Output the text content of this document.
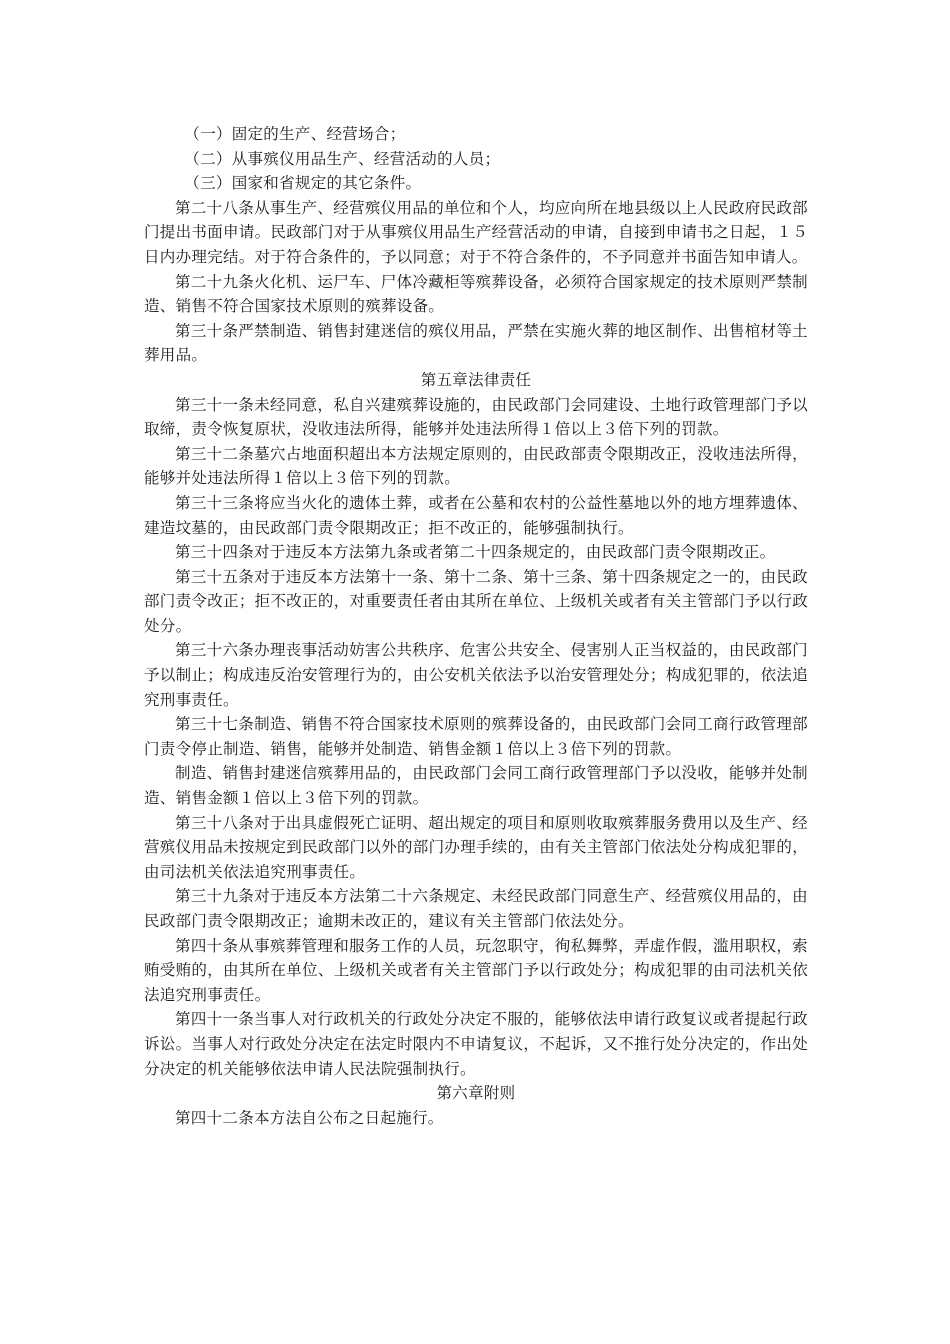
（一）固定的生产、经营场合；

（二）从事殡仪用品生产、经营活动的人员；

（三）国家和省规定的其它条件。

第二十八条从事生产、经营殡仪用品的单位和个人，均应向所在地县级以上人民政府民政部门提出书面申请。民政部门对于从事殡仪用品生产经营活动的申请，自接到申请书之日起，１５日内办理完结。对于符合条件的，予以同意；对于不符合条件的，不予同意并书面告知申请人。

第二十九条火化机、运尸车、尸体冷藏柜等殡葬设备，必须符合国家规定的技术原则严禁制造、销售不符合国家技术原则的殡葬设备。

第三十条严禁制造、销售封建迷信的殡仪用品，严禁在实施火葬的地区制作、出售棺材等土葬用品。

第五章法律责任

第三十一条未经同意，私自兴建殡葬设施的，由民政部门会同建设、土地行政管理部门予以取缔，责令恢复原状，没收违法所得，能够并处违法所得１倍以上３倍下列的罚款。

第三十二条墓穴占地面积超出本方法规定原则的，由民政部责令限期改正，没收违法所得，能够并处违法所得１倍以上３倍下列的罚款。

第三十三条将应当火化的遗体土葬，或者在公墓和农村的公益性墓地以外的地方埋葬遗体、建造坟墓的，由民政部门责令限期改正；拒不改正的，能够强制执行。

第三十四条对于违反本方法第九条或者第二十四条规定的，由民政部门责令限期改正。

第三十五条对于违反本方法第十一条、第十二条、第十三条、第十四条规定之一的，由民政部门责令改正；拒不改正的，对重要责任者由其所在单位、上级机关或者有关主管部门予以行政处分。

第三十六条办理丧事活动妨害公共秩序、危害公共安全、侵害别人正当权益的，由民政部门予以制止；构成违反治安管理行为的，由公安机关依法予以治安管理处分；构成犯罪的，依法追究刑事责任。

第三十七条制造、销售不符合国家技术原则的殡葬设备的，由民政部门会同工商行政管理部门责令停止制造、销售，能够并处制造、销售金额１倍以上３倍下列的罚款。

制造、销售封建迷信殡葬用品的，由民政部门会同工商行政管理部门予以没收，能够并处制造、销售金额１倍以上３倍下列的罚款。

第三十八条对于出具虚假死亡证明、超出规定的项目和原则收取殡葬服务费用以及生产、经营殡仪用品未按规定到民政部门以外的部门办理手续的，由有关主管部门依法处分构成犯罪的，由司法机关依法追究刑事责任。

第三十九条对于违反本方法第二十六条规定、未经民政部门同意生产、经营殡仪用品的，由民政部门责令限期改正；逾期未改正的，建议有关主管部门依法处分。

第四十条从事殡葬管理和服务工作的人员，玩忽职守，徇私舞弊，弄虚作假，滥用职权，索贿受贿的，由其所在单位、上级机关或者有关主管部门予以行政处分；构成犯罪的由司法机关依法追究刑事责任。

第四十一条当事人对行政机关的行政处分决定不服的，能够依法申请行政复议或者提起行政诉讼。当事人对行政处分决定在法定时限内不申请复议，不起诉，又不推行处分决定的，作出处分决定的机关能够依法申请人民法院强制执行。

第六章附则

第四十二条本方法自公布之日起施行。
